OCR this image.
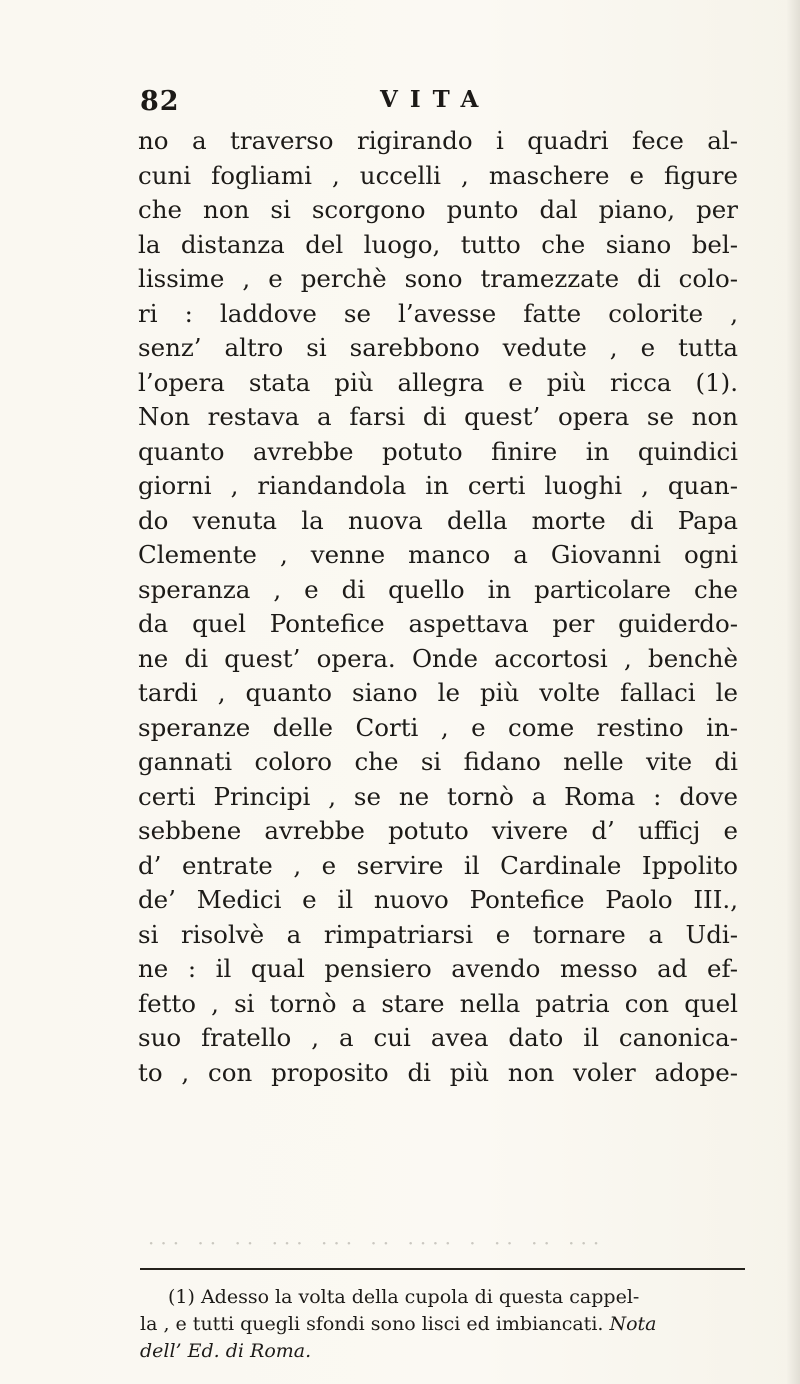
82	VITA
no a traverso rigirando i quadri fece al-
cuni fogliami , uccelli , maschere e figure
che non si scorgono punto dal piano, per
la distanza del luogo, tutto che siano bel-
lissime , e perchè sono tramezzate di colo-
ri : laddove se l’avesse fatte colorite ,
senz’ altro si sarebbono vedute , e tutta
l’opera stata più allegra e più ricca (1).
Non restava a farsi di quest’ opera se non
quanto avrebbe potuto finire in quindici
giorni , riandandola in certi luoghi , quan-
do venuta la nuova della morte di Papa
Clemente , venne manco a Giovanni ogni
speranza , e di quello in particolare che
da quel Pontefice aspettava per guiderdo-
ne di quest’ opera. Onde accortosi , benchè
tardi , quanto siano le più volte fallaci le
speranze delle Corti , e come restino in-
gannati coloro che si fidano nelle vite di
certi Principi , se ne tornò a Roma : dove
sebbene avrebbe potuto vivere d’ ufficj e
d’ entrate , e servire il Cardinale Ippolito
de’ Medici e il nuovo Pontefice Paolo III.,
si risolvè a rimpatriarsi e tornare a Udi-
ne : il qual pensiero avendo messo ad ef-
fetto , si tornò a stare nella patria con quel
suo fratello , a cui avea dato il canonica-
to , con proposito di più non voler adope-
··· ·· ·· ··· ··· ·· ···· · ·· ·· ···
(1) Adesso la volta della cupola di questa cappel-
la , e tutti quegli sfondi sono lisci ed imbiancati. Nota
dell’ Ed. di Roma.
